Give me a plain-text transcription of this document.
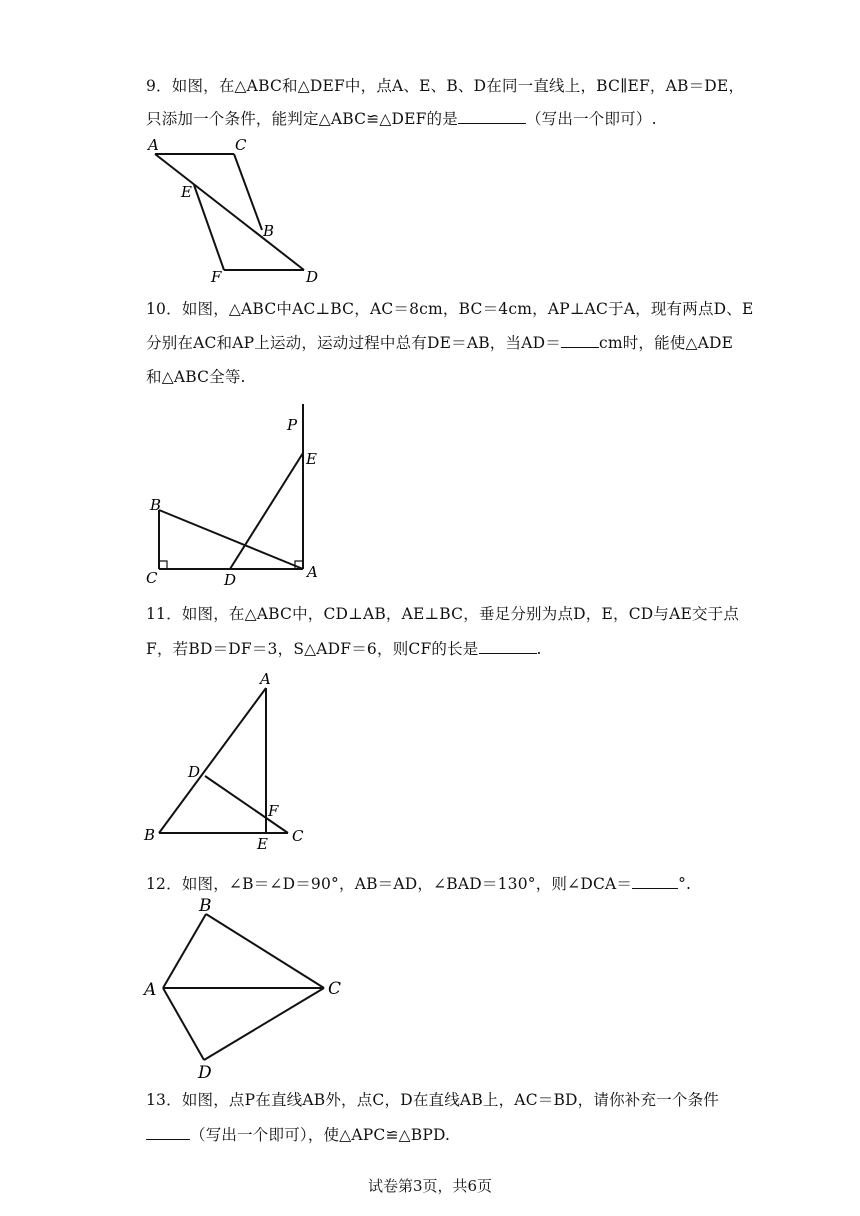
9．如图，在△ABC和△DEF中，点A、E、B、D在同一直线上，BC∥EF，AB＝DE，
只添加一个条件，能判定△ABC≌△DEF的是	（写出一个即可）.
A	C
E
B
F	D
10．如图，△ABC中AC⊥BC，AC＝8cm，BC＝4cm，AP⊥AC于A，现有两点D、E
分别在AC和AP上运动，运动过程中总有DE＝AB，当AD＝ cm时，能使△ADE
和△ABC全等.
P
E
B
C	D	A
11．如图，在△ABC中，CD⊥AB，AE⊥BC，垂足分别为点D，E，CD与AE交于点
F，若BD＝DF＝3，S△ADF＝6，则CF的长是	.
A
D
F
B	E C
12．如图，∠B＝∠D＝90°，AB＝AD，∠BAD＝130°，则∠DCA＝	°.
B
A	C
D
13．如图，点P在直线AB外，点C，D在直线AB上，AC＝BD，请你补充一个条件
（写出一个即可），使△APC≌△BPD.
试卷第3页，共6页
